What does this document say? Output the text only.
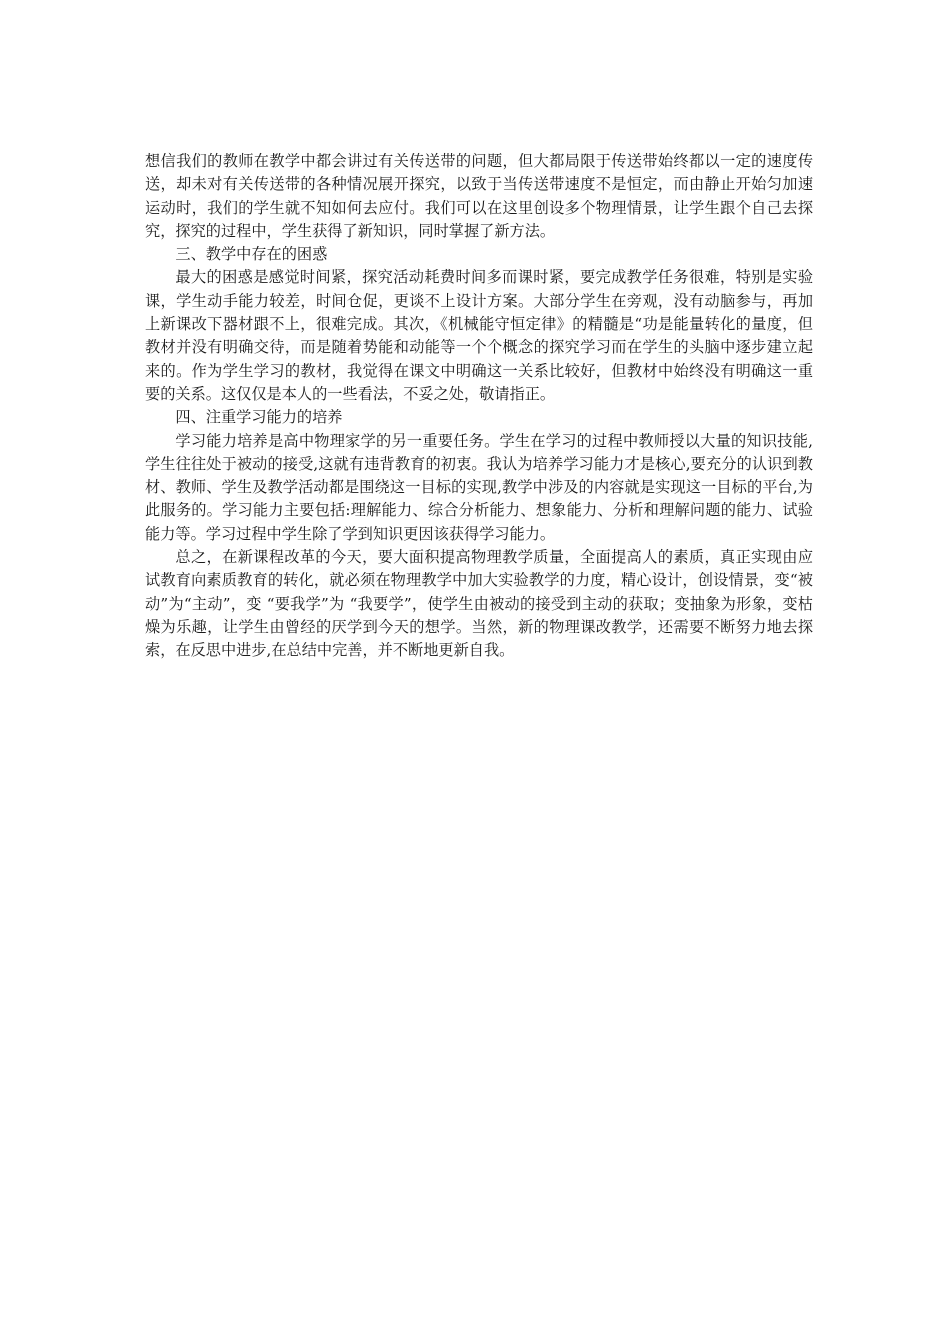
想信我们的教师在教学中都会讲过有关传送带的问题，但大都局限于传送带始终都以一定的速度传送，却未对有关传送带的各种情况展开探究，以致于当传送带速度不是恒定，而由静止开始匀加速运动时，我们的学生就不知如何去应付。我们可以在这里创设多个物理情景，让学生跟个自己去探究，探究的过程中，学生获得了新知识，同时掌握了新方法。

三、教学中存在的困惑

最大的困惑是感觉时间紧，探究活动耗费时间多而课时紧，要完成教学任务很难，特别是实验课，学生动手能力较差，时间仓促，更谈不上设计方案。大部分学生在旁观，没有动脑参与，再加上新课改下器材跟不上，很难完成。其次，《机械能守恒定律》的精髓是“功是能量转化的量度，但教材并没有明确交待，而是随着势能和动能等一个个概念的探究学习而在学生的头脑中逐步建立起来的。作为学生学习的教材，我觉得在课文中明确这一关系比较好，但教材中始终没有明确这一重要的关系。这仅仅是本人的一些看法，不妥之处，敬请指正。

四、注重学习能力的培养

学习能力培养是高中物理家学的另一重要任务。学生在学习的过程中教师授以大量的知识技能,学生往往处于被动的接受,这就有违背教育的初衷。我认为培养学习能力才是核心,要充分的认识到教材、教师、学生及教学活动都是围绕这一目标的实现,教学中涉及的内容就是实现这一目标的平台,为此服务的。学习能力主要包括:理解能力、综合分析能力、想象能力、分析和理解问题的能力、试验能力等。学习过程中学生除了学到知识更因该获得学习能力。

总之，在新课程改革的今天，要大面积提高物理教学质量，全面提高人的素质，真正实现由应试教育向素质教育的转化，就必须在物理教学中加大实验教学的力度，精心设计，创设情景，变“被动”为“主动”，变 “要我学”为 “我要学”，使学生由被动的接受到主动的获取；变抽象为形象，变枯燥为乐趣，让学生由曾经的厌学到今天的想学。当然，新的物理课改教学，还需要不断努力地去探索，在反思中进步,在总结中完善，并不断地更新自我。
